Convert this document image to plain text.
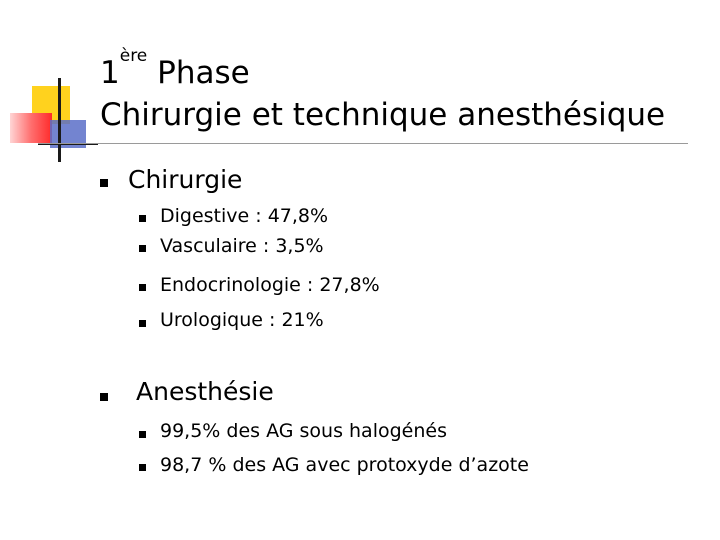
1ère Phase
Chirurgie et technique anesthésique
Chirurgie
Digestive : 47,8%
Vasculaire : 3,5%
Endocrinologie : 27,8%
Urologique : 21%
Anesthésie
99,5% des AG sous halogénés
98,7 % des AG avec protoxyde d’azote
